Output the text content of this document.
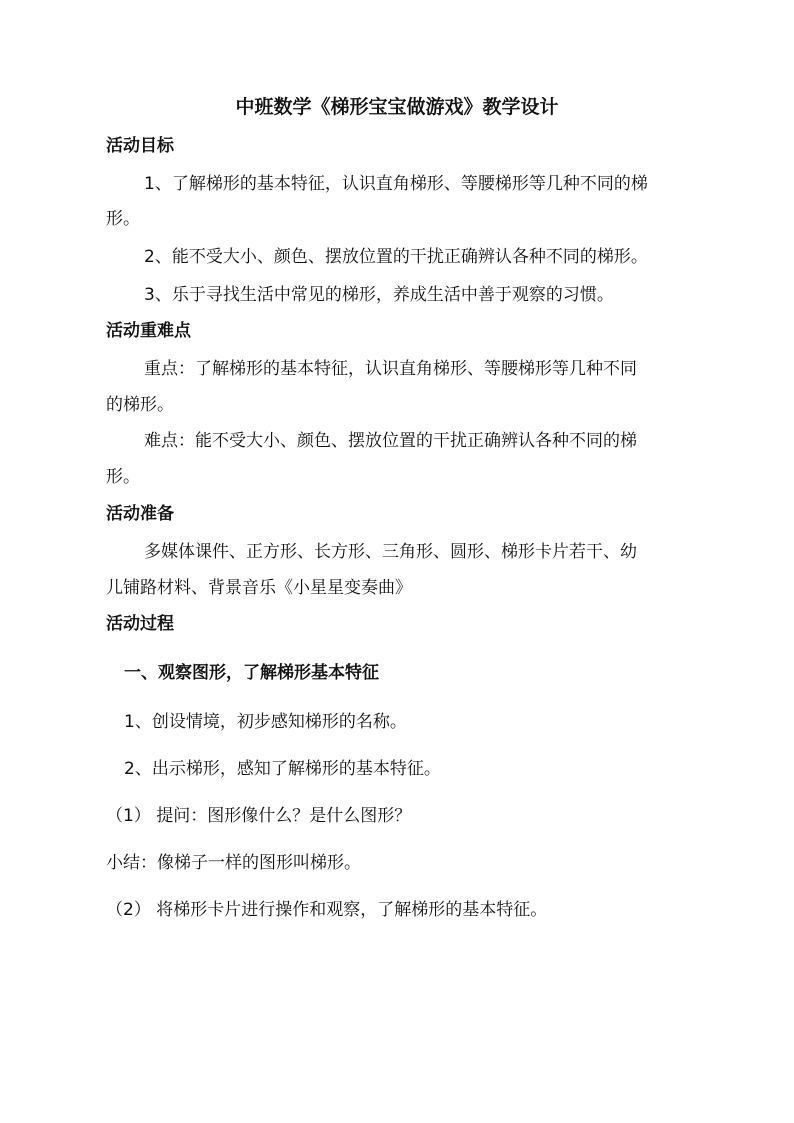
中班数学《梯形宝宝做游戏》教学设计

活动目标

1、了解梯形的基本特征，认识直角梯形、等腰梯形等几种不同的梯

形。

2、能不受大小、颜色、摆放位置的干扰正确辨认各种不同的梯形。

3、乐于寻找生活中常见的梯形，养成生活中善于观察的习惯。

活动重难点

重点：了解梯形的基本特征，认识直角梯形、等腰梯形等几种不同

的梯形。

难点：能不受大小、颜色、摆放位置的干扰正确辨认各种不同的梯

形。

活动准备

多媒体课件、正方形、长方形、三角形、圆形、梯形卡片若干、幼

儿铺路材料、背景音乐《小星星变奏曲》

活动过程

一、观察图形，了解梯形基本特征

1、创设情境，初步感知梯形的名称。

2、出示梯形，感知了解梯形的基本特征。

（1） 提问：图形像什么？是什么图形？

小结：像梯子一样的图形叫梯形。

（2） 将梯形卡片进行操作和观察，了解梯形的基本特征。
